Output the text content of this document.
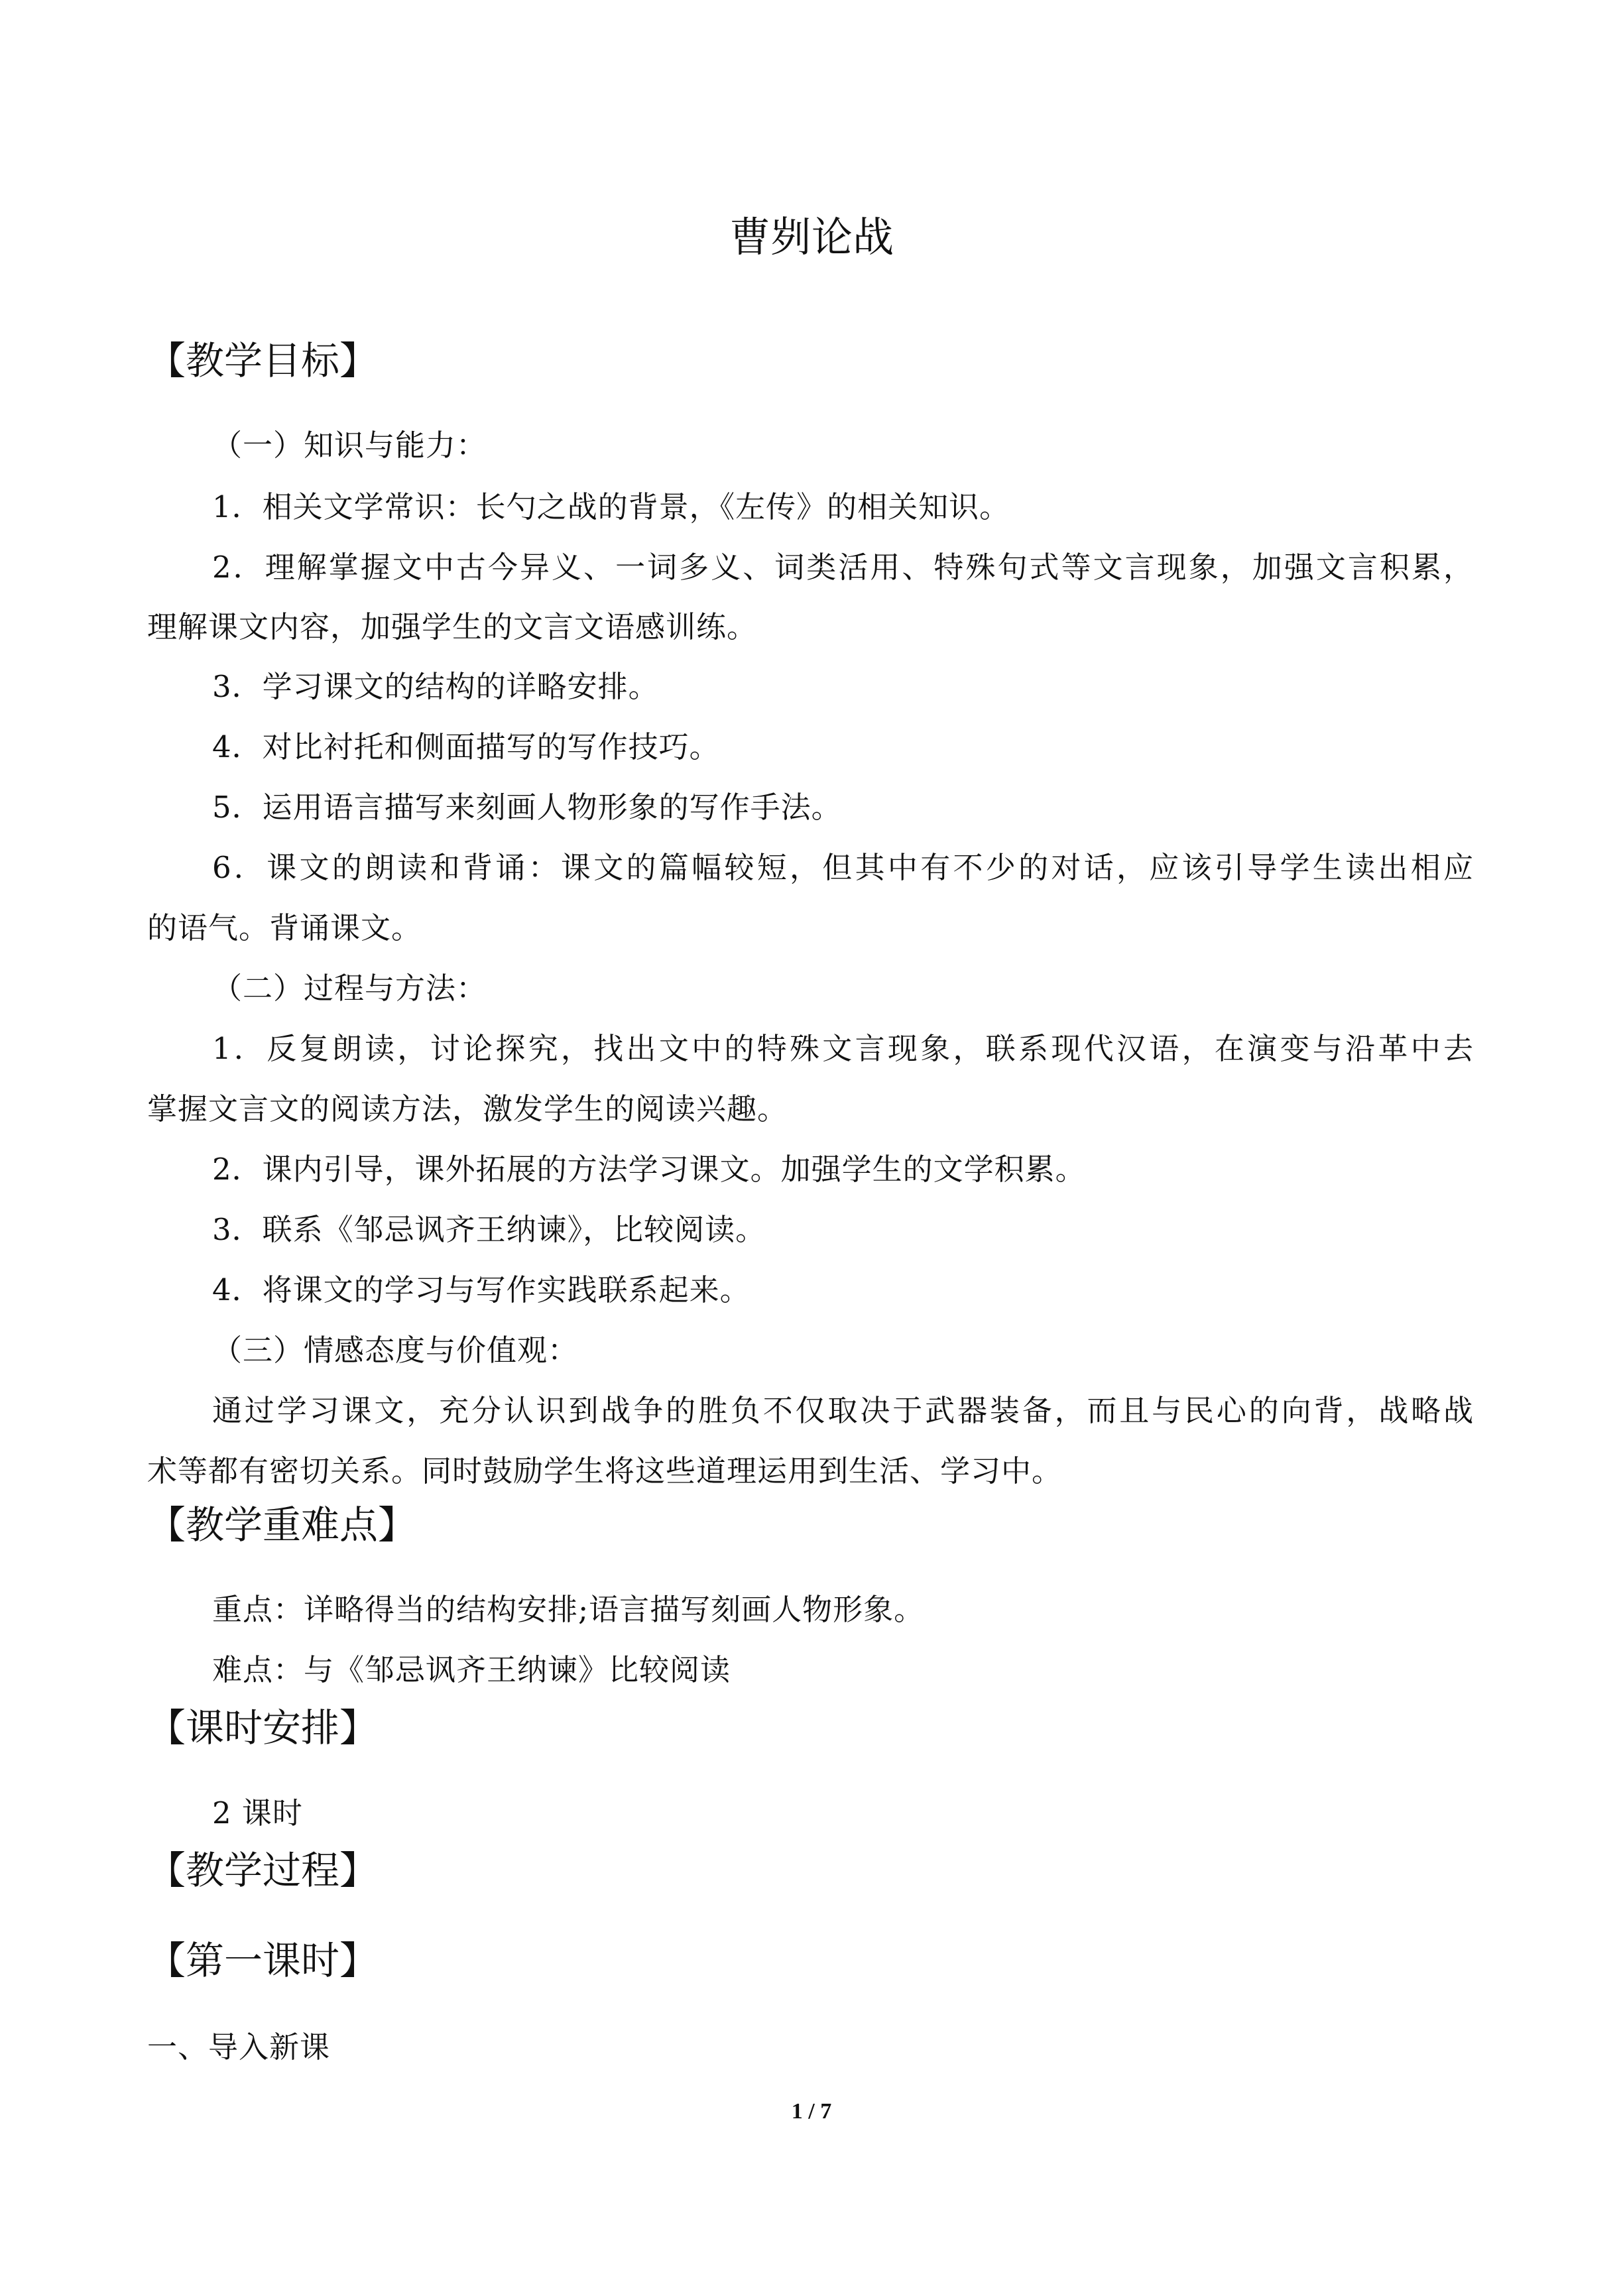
曹刿论战
【教学目标】
（一）知识与能力：
1．相关文学常识：长勺之战的背景，《左传》的相关知识。
2．理解掌握文中古今异义、一词多义、词类活用、特殊句式等文言现象，加强文言积累，
理解课文内容，加强学生的文言文语感训练。
3．学习课文的结构的详略安排。
4．对比衬托和侧面描写的写作技巧。
5．运用语言描写来刻画人物形象的写作手法。
6．课文的朗读和背诵：课文的篇幅较短，但其中有不少的对话，应该引导学生读出相应
的语气。背诵课文。
（二）过程与方法：
1．反复朗读，讨论探究，找出文中的特殊文言现象，联系现代汉语，在演变与沿革中去
掌握文言文的阅读方法，激发学生的阅读兴趣。
2．课内引导，课外拓展的方法学习课文。加强学生的文学积累。
3．联系《邹忌讽齐王纳谏》，比较阅读。
4．将课文的学习与写作实践联系起来。
（三）情感态度与价值观：
通过学习课文，充分认识到战争的胜负不仅取决于武器装备，而且与民心的向背，战略战
术等都有密切关系。同时鼓励学生将这些道理运用到生活、学习中。
【教学重难点】
重点：详略得当的结构安排;语言描写刻画人物形象。
难点：与《邹忌讽齐王纳谏》比较阅读
【课时安排】
2 课时
【教学过程】
【第一课时】
一、导入新课
1 / 7
